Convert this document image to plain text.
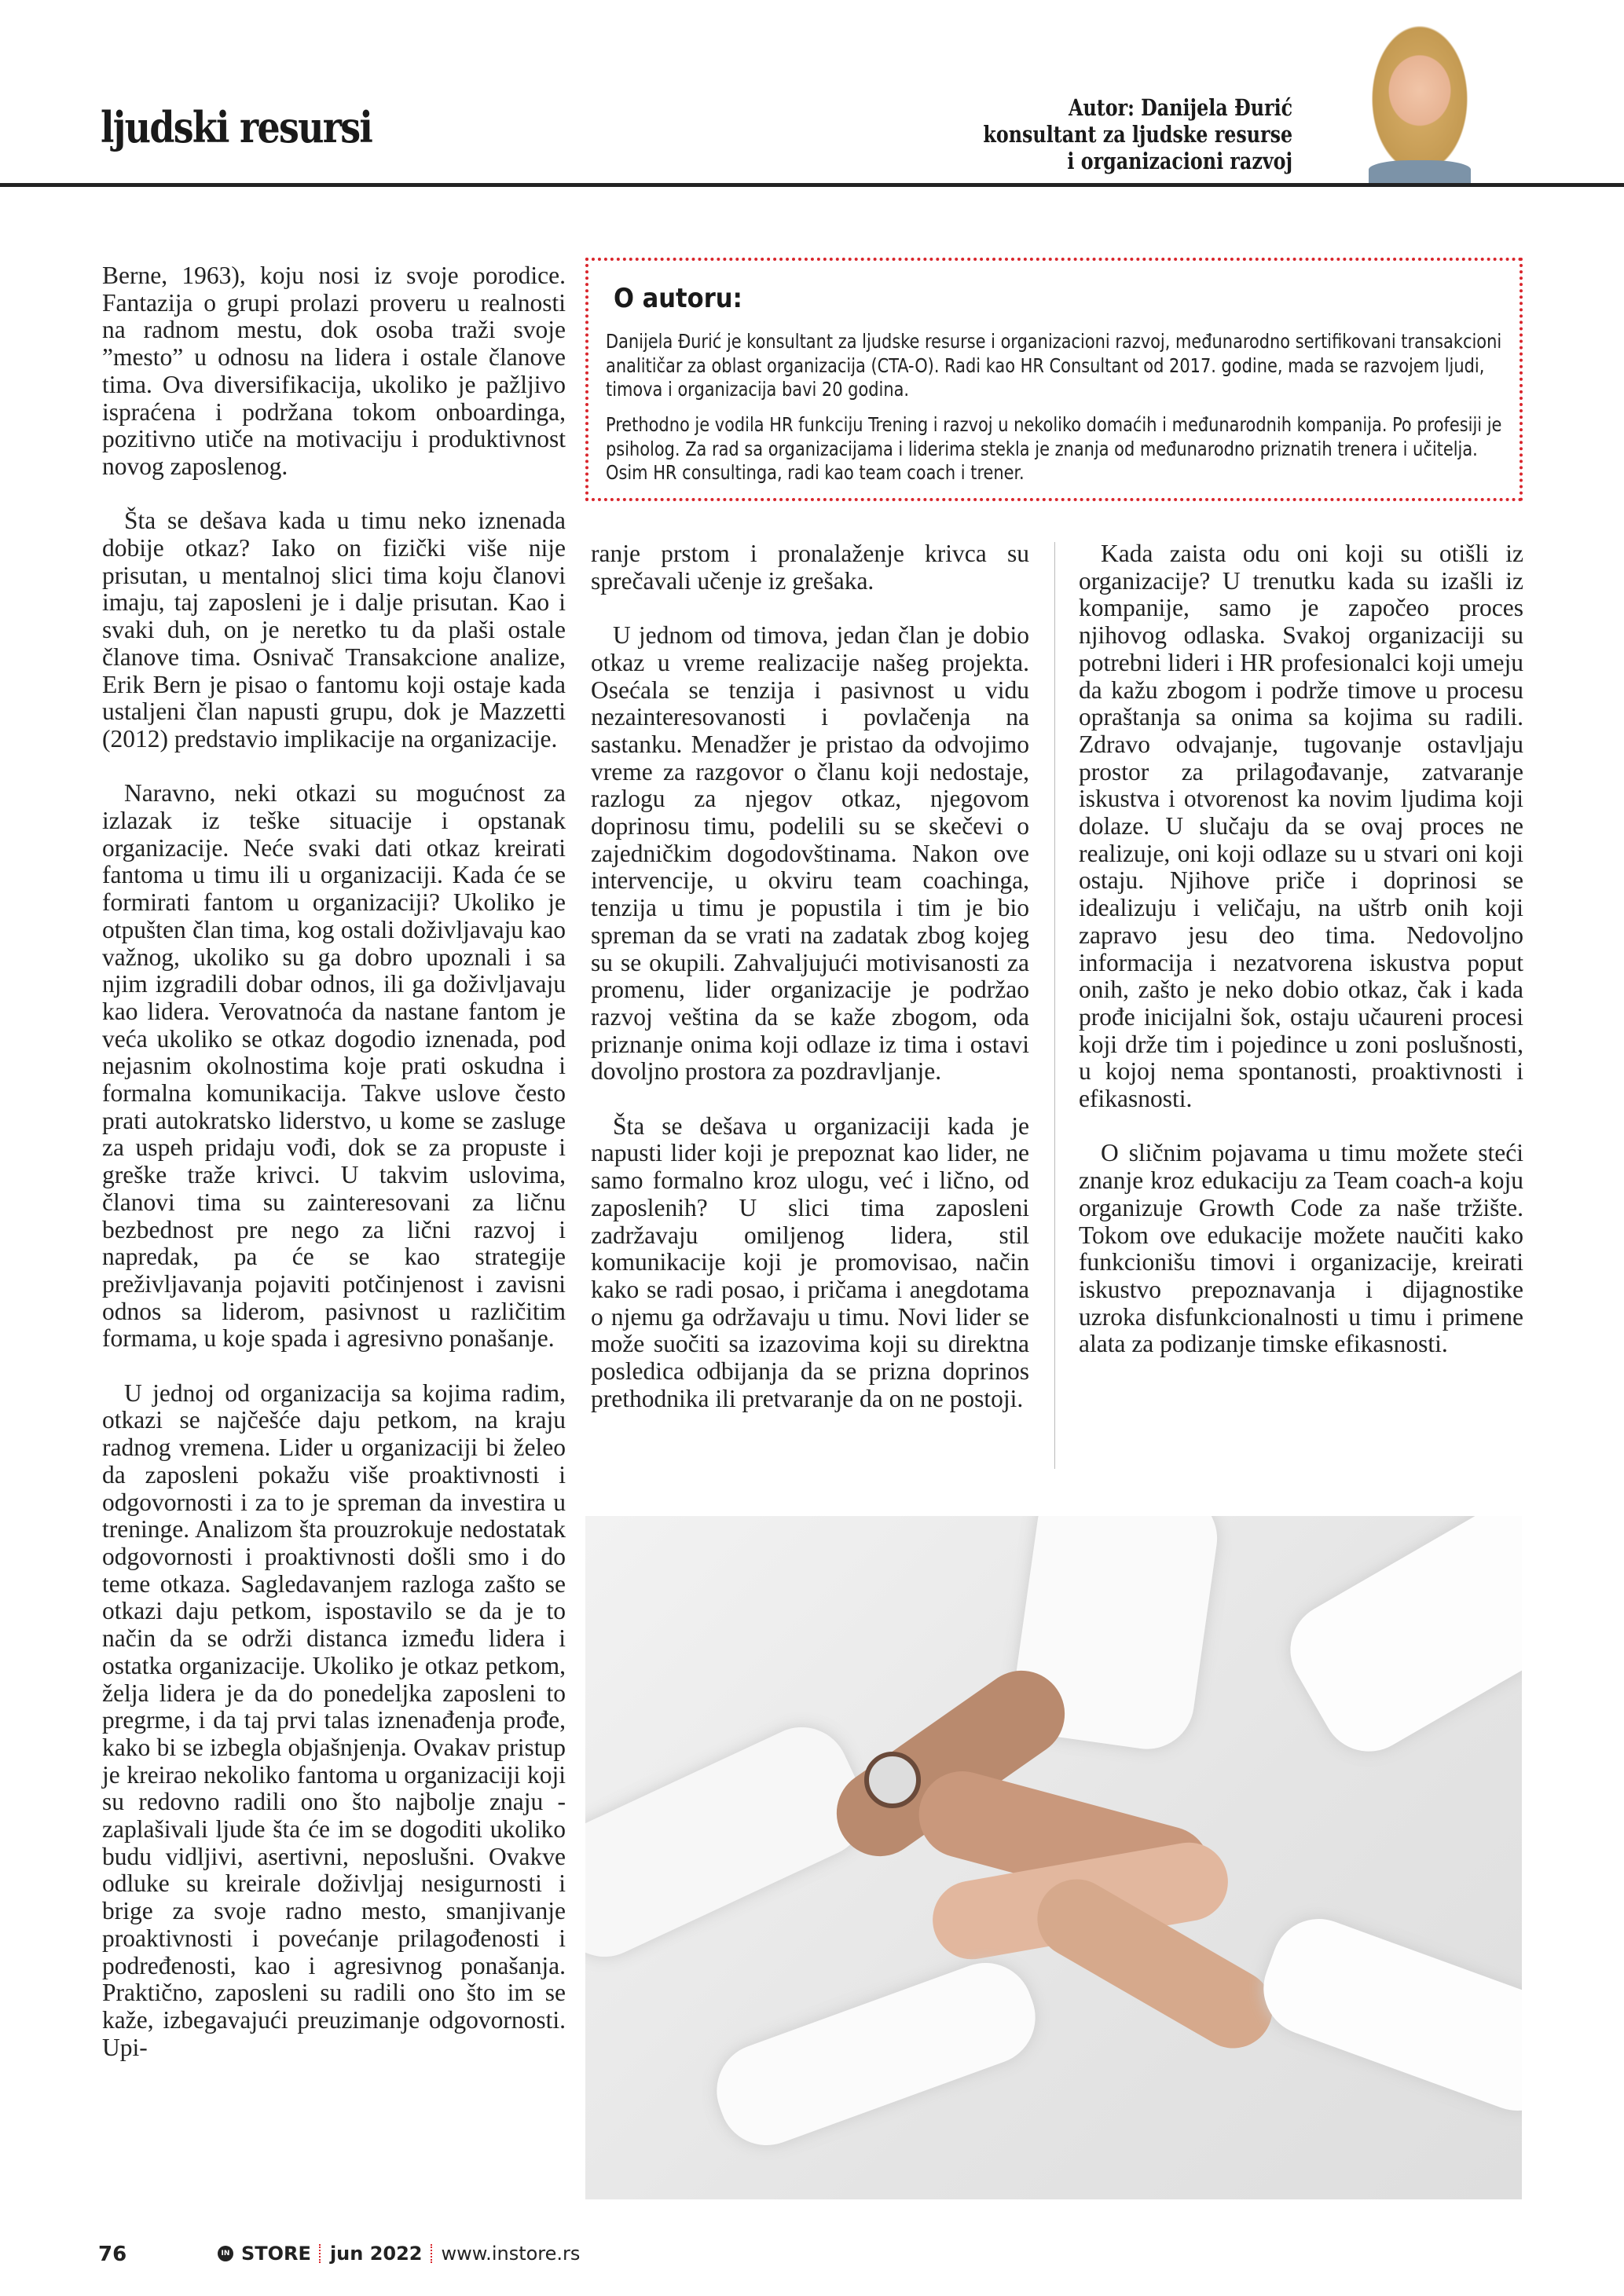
ljudski resursi	Autor: Danijela Đurić
konsultant za ljudske resurse
i organizacioni razvoj

Berne, 1963), koju nosi iz svoje porodice. Fantazija o grupi prolazi proveru u realnosti na radnom mestu, dok osoba traži svoje ”mesto” u odnosu na lidera i ostale članove tima. Ova diversifikacija, ukoliko je pažljivo ispraćena i podržana tokom onboardinga, pozitivno utiče na motivaciju i produktivnost novog zaposlenog.

Šta se dešava kada u timu neko iznenada dobije otkaz? Iako on fizički više nije prisutan, u mentalnoj slici tima koju članovi imaju, taj zaposleni je i dalje prisutan. Kao i svaki duh, on je neretko tu da plaši ostale članove tima. Osnivač Transakcione analize, Erik Bern je pisao o fantomu koji ostaje kada ustaljeni član napusti grupu, dok je Mazzetti (2012) predstavio implikacije na organizacije.

Naravno, neki otkazi su mogućnost za izlazak iz teške situacije i opstanak organizacije. Neće svaki dati otkaz kreirati fantoma u timu ili u organizaciji. Kada će se formirati fantom u organizaciji? Ukoliko je otpušten član tima, kog ostali doživljavaju kao važnog, ukoliko su ga dobro upoznali i sa njim izgradili dobar odnos, ili ga doživljavaju kao lidera. Verovatnoća da nastane fantom je veća ukoliko se otkaz dogodio iznenada, pod nejasnim okolnostima koje prati oskudna i formalna komunikacija. Takve uslove često prati autokratsko liderstvo, u kome se zasluge za uspeh pridaju vođi, dok se za propuste i greške traže krivci. U takvim uslovima, članovi tima su zainteresovani za ličnu bezbednost pre nego za lični razvoj i napredak, pa će se kao strategije preživljavanja pojaviti potčinjenost i zavisni odnos sa liderom, pasivnost u različitim formama, u koje spada i agresivno ponašanje.

U jednoj od organizacija sa kojima radim, otkazi se najčešće daju petkom, na kraju radnog vremena. Lider u organizaciji bi želeo da zaposleni pokažu više proaktivnosti i odgovornosti i za to je spreman da investira u treninge. Analizom šta prouzrokuje nedostatak odgovornosti i proaktivnosti došli smo i do teme otkaza. Sagledavanjem razloga zašto se otkazi daju petkom, ispostavilo se da je to način da se održi distanca između lidera i ostatka organizacije. Ukoliko je otkaz petkom, želja lidera je da do ponedeljka zaposleni to pregrme, i da taj prvi talas iznenađenja prođe, kako bi se izbegla objašnjenja. Ovakav pristup je kreirao nekoliko fantoma u organizaciji koji su redovno radili ono što najbolje znaju - zaplašivali ljude šta će im se dogoditi ukoliko budu vidljivi, asertivni, neposlušni. Ovakve odluke su kreirale doživljaj nesigurnosti i brige za svoje radno mesto, smanjivanje proaktivnosti i povećanje prilagođenosti i podređenosti, kao i agresivnog ponašanja. Praktično, zaposleni su radili ono što im se kaže, izbegavajući preuzimanje odgovornosti. Upi-

O autoru:
Danijela Đurić je konsultant za ljudske resurse i organizacioni razvoj, međunarodno sertifikovani transakcioni analitičar za oblast organizacija (CTA-O). Radi kao HR Consultant od 2017. godine, mada se razvojem ljudi, timova i organizacija bavi 20 godina.
Prethodno je vodila HR funkciju Trening i razvoj u nekoliko domaćih i međunarodnih kompanija. Po profesiji je psiholog. Za rad sa organizacijama i liderima stekla je znanja od međunarodno priznatih trenera i učitelja. Osim HR consultinga, radi kao team coach i trener.

ranje prstom i pronalaženje krivca su sprečavali učenje iz grešaka.

U jednom od timova, jedan član je dobio otkaz u vreme realizacije našeg projekta. Osećala se tenzija i pasivnost u vidu nezainteresovanosti i povlačenja na sastanku. Menadžer je pristao da odvojimo vreme za razgovor o članu koji nedostaje, razlogu za njegov otkaz, njegovom doprinosu timu, podelili su se skečevi o zajedničkim dogodovštinama. Nakon ove intervencije, u okviru team coachinga, tenzija u timu je popustila i tim je bio spreman da se vrati na zadatak zbog kojeg su se okupili. Zahvaljujući motivisanosti za promenu, lider organizacije je podržao razvoj veština da se kaže zbogom, oda priznanje onima koji odlaze iz tima i ostavi dovoljno prostora za pozdravljanje.

Šta se dešava u organizaciji kada je napusti lider koji je prepoznat kao lider, ne samo formalno kroz ulogu, već i lično, od zaposlenih? U slici tima zaposleni zadržavaju omiljenog lidera, stil komunikacije koji je promovisao, način kako se radi posao, i pričama i anegdotama o njemu ga održavaju u timu. Novi lider se može suočiti sa izazovima koji su direktna posledica odbijanja da se prizna doprinos prethodnika ili pretvaranje da on ne postoji.

Kada zaista odu oni koji su otišli iz organizacije? U trenutku kada su izašli iz kompanije, samo je započeo proces njihovog odlaska. Svakoj organizaciji su potrebni lideri i HR profesionalci koji umeju da kažu zbogom i podrže timove u procesu opraštanja sa onima sa kojima su radili. Zdravo odvajanje, tugovanje ostavljaju prostor za prilagođavanje, zatvaranje iskustva i otvorenost ka novim ljudima koji dolaze. U slučaju da se ovaj proces ne realizuje, oni koji odlaze su u stvari oni koji ostaju. Njihove priče i doprinosi se idealizuju i veličaju, na uštrb onih koji zapravo jesu deo tima. Nedovoljno informacija i nezatvorena iskustva poput onih, zašto je neko dobio otkaz, čak i kada prođe inicijalni šok, ostaju učaureni procesi koji drže tim i pojedince u zoni poslušnosti, u kojoj nema spontanosti, proaktivnosti i efikasnosti.

O sličnim pojavama u timu možete steći znanje kroz edukaciju za Team coach-a koju organizuje Growth Code za naše tržište. Tokom ove edukacije možete naučiti kako funkcionišu timovi i organizacije, kreirati iskustvo prepoznavanja i dijagnostike uzroka disfunkcionalnosti u timu i primene alata za podizanje timske efikasnosti.

76	IN STORE jun 2022 www.instore.rs
